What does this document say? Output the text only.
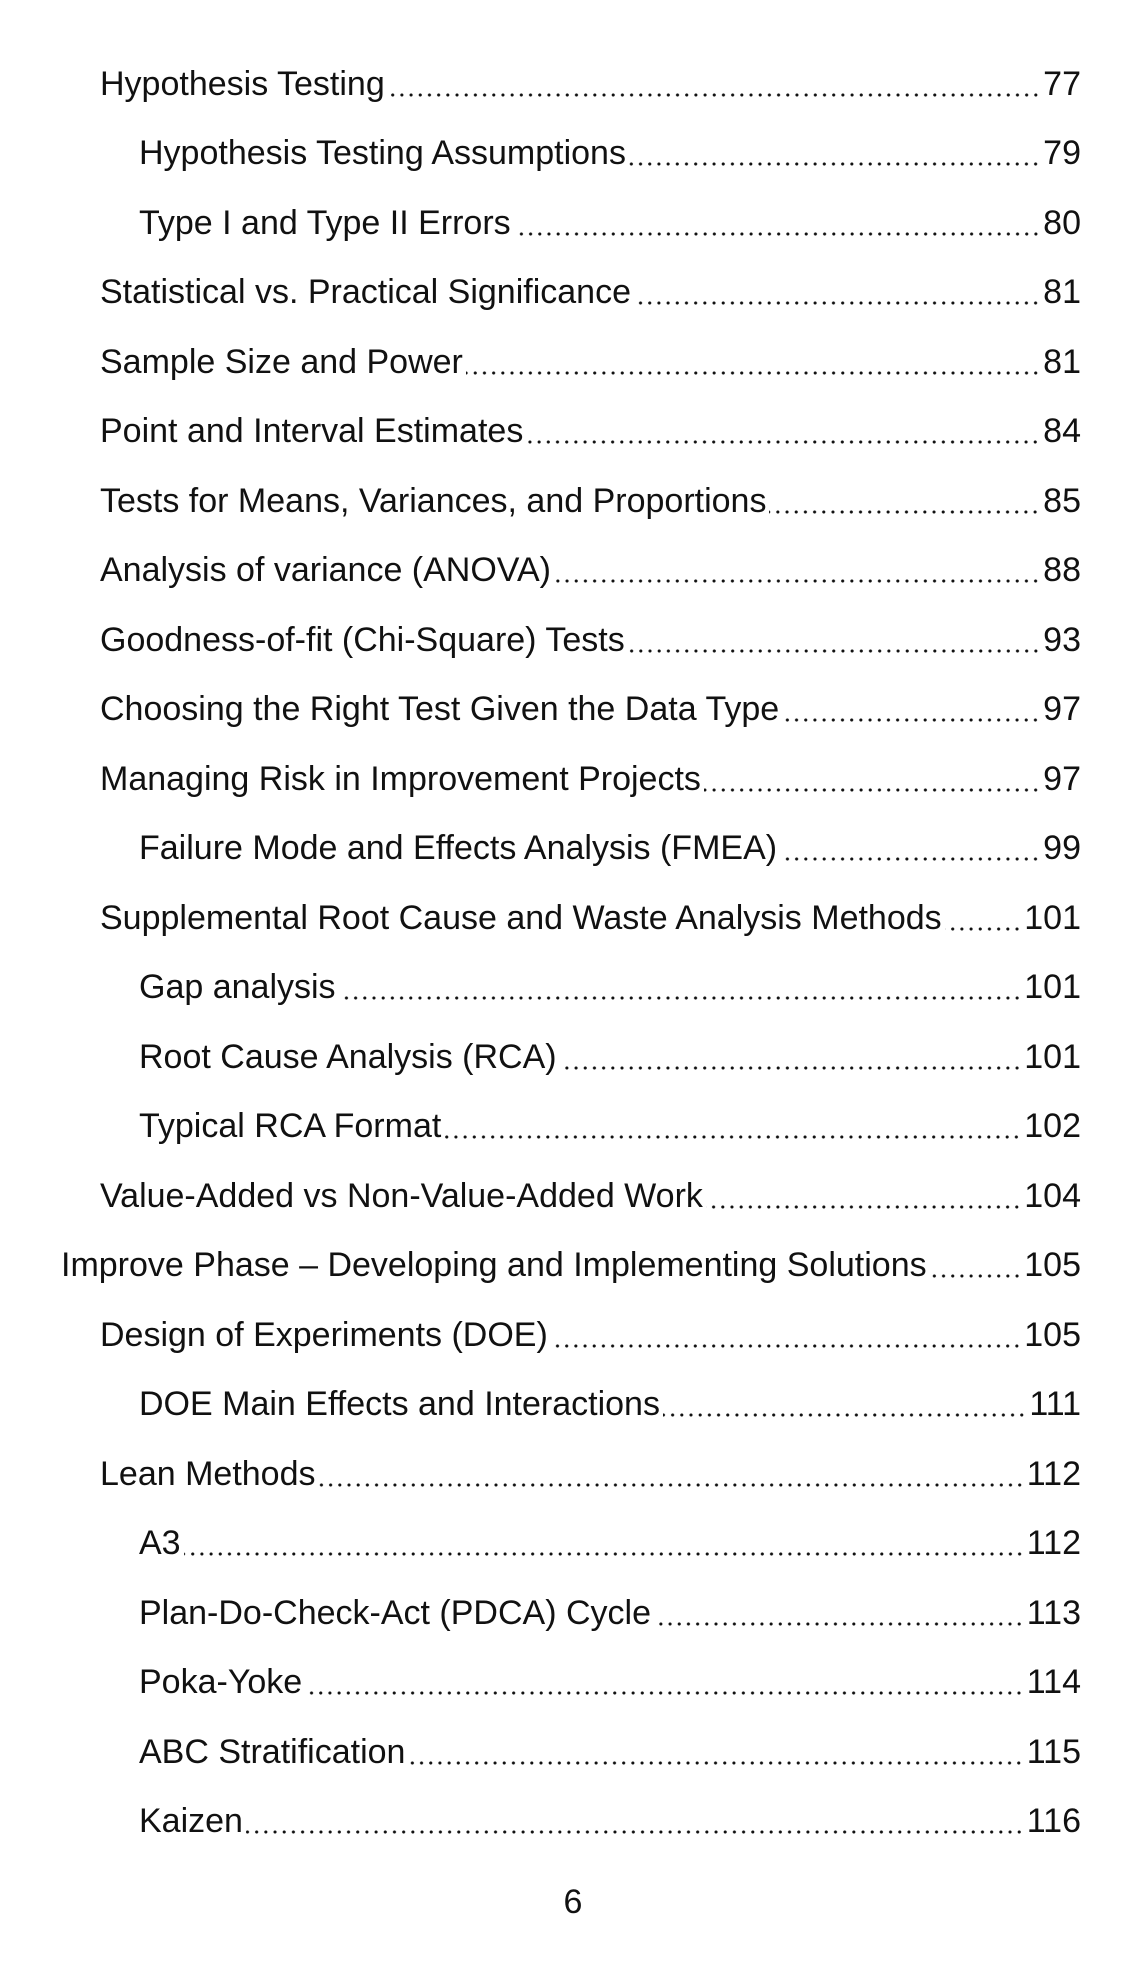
Hypothesis Testing	77
Hypothesis Testing Assumptions	79
Type I and Type II Errors	80
Statistical vs. Practical Significance	81
Sample Size and Power	81
Point and Interval Estimates	84
Tests for Means, Variances, and Proportions	85
Analysis of variance (ANOVA)	88
Goodness-of-fit (Chi-Square) Tests	93
Choosing the Right Test Given the Data Type	97
Managing Risk in Improvement Projects	97
Failure Mode and Effects Analysis (FMEA)	99
Supplemental Root Cause and Waste Analysis Methods 101
Gap analysis	101
Root Cause Analysis (RCA)	101
Typical RCA Format	102
Value-Added vs Non-Value-Added Work	104
Improve Phase – Developing and Implementing Solutions	105
Design of Experiments (DOE)	105
DOE Main Effects and Interactions	111
Lean Methods	112
A3	112
Plan-Do-Check-Act (PDCA) Cycle	113
Poka-Yoke	114
ABC Stratification	115
Kaizen	116
6
